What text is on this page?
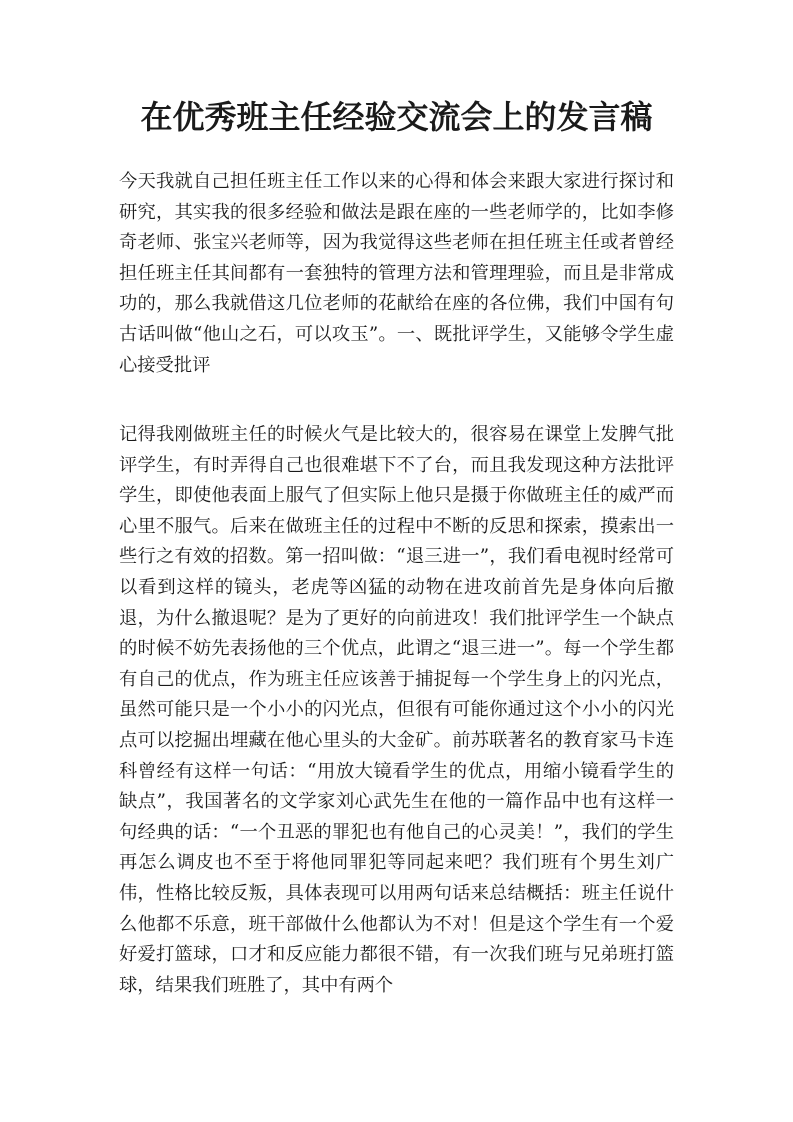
在优秀班主任经验交流会上的发言稿

今天我就自己担任班主任工作以来的心得和体会来跟大家进行探讨和研究，其实我的很多经验和做法是跟在座的一些老师学的，比如李修奇老师、张宝兴老师等，因为我觉得这些老师在担任班主任或者曾经担任班主任其间都有一套独特的管理方法和管理理验，而且是非常成功的，那么我就借这几位老师的花献给在座的各位佛，我们中国有句古话叫做“他山之石，可以攻玉”。一、既批评学生，又能够令学生虚心接受批评

记得我刚做班主任的时候火气是比较大的，很容易在课堂上发脾气批评学生，有时弄得自己也很难堪下不了台，而且我发现这种方法批评学生，即使他表面上服气了但实际上他只是摄于你做班主任的威严而心里不服气。后来在做班主任的过程中不断的反思和探索，摸索出一些行之有效的招数。第一招叫做：“退三进一”，我们看电视时经常可以看到这样的镜头，老虎等凶猛的动物在进攻前首先是身体向后撤退，为什么撤退呢？是为了更好的向前进攻！我们批评学生一个缺点的时候不妨先表扬他的三个优点，此谓之“退三进一”。每一个学生都有自己的优点，作为班主任应该善于捕捉每一个学生身上的闪光点，虽然可能只是一个小小的闪光点，但很有可能你通过这个小小的闪光点可以挖掘出埋藏在他心里头的大金矿。前苏联著名的教育家马卡连科曾经有这样一句话：“用放大镜看学生的优点，用缩小镜看学生的缺点”，我国著名的文学家刘心武先生在他的一篇作品中也有这样一句经典的话：“一个丑恶的罪犯也有他自己的心灵美！”，我们的学生再怎么调皮也不至于将他同罪犯等同起来吧？我们班有个男生刘广伟，性格比较反叛，具体表现可以用两句话来总结概括：班主任说什么他都不乐意，班干部做什么他都认为不对！但是这个学生有一个爱好爱打篮球，口才和反应能力都很不错，有一次我们班与兄弟班打篮球，结果我们班胜了，其中有两个
